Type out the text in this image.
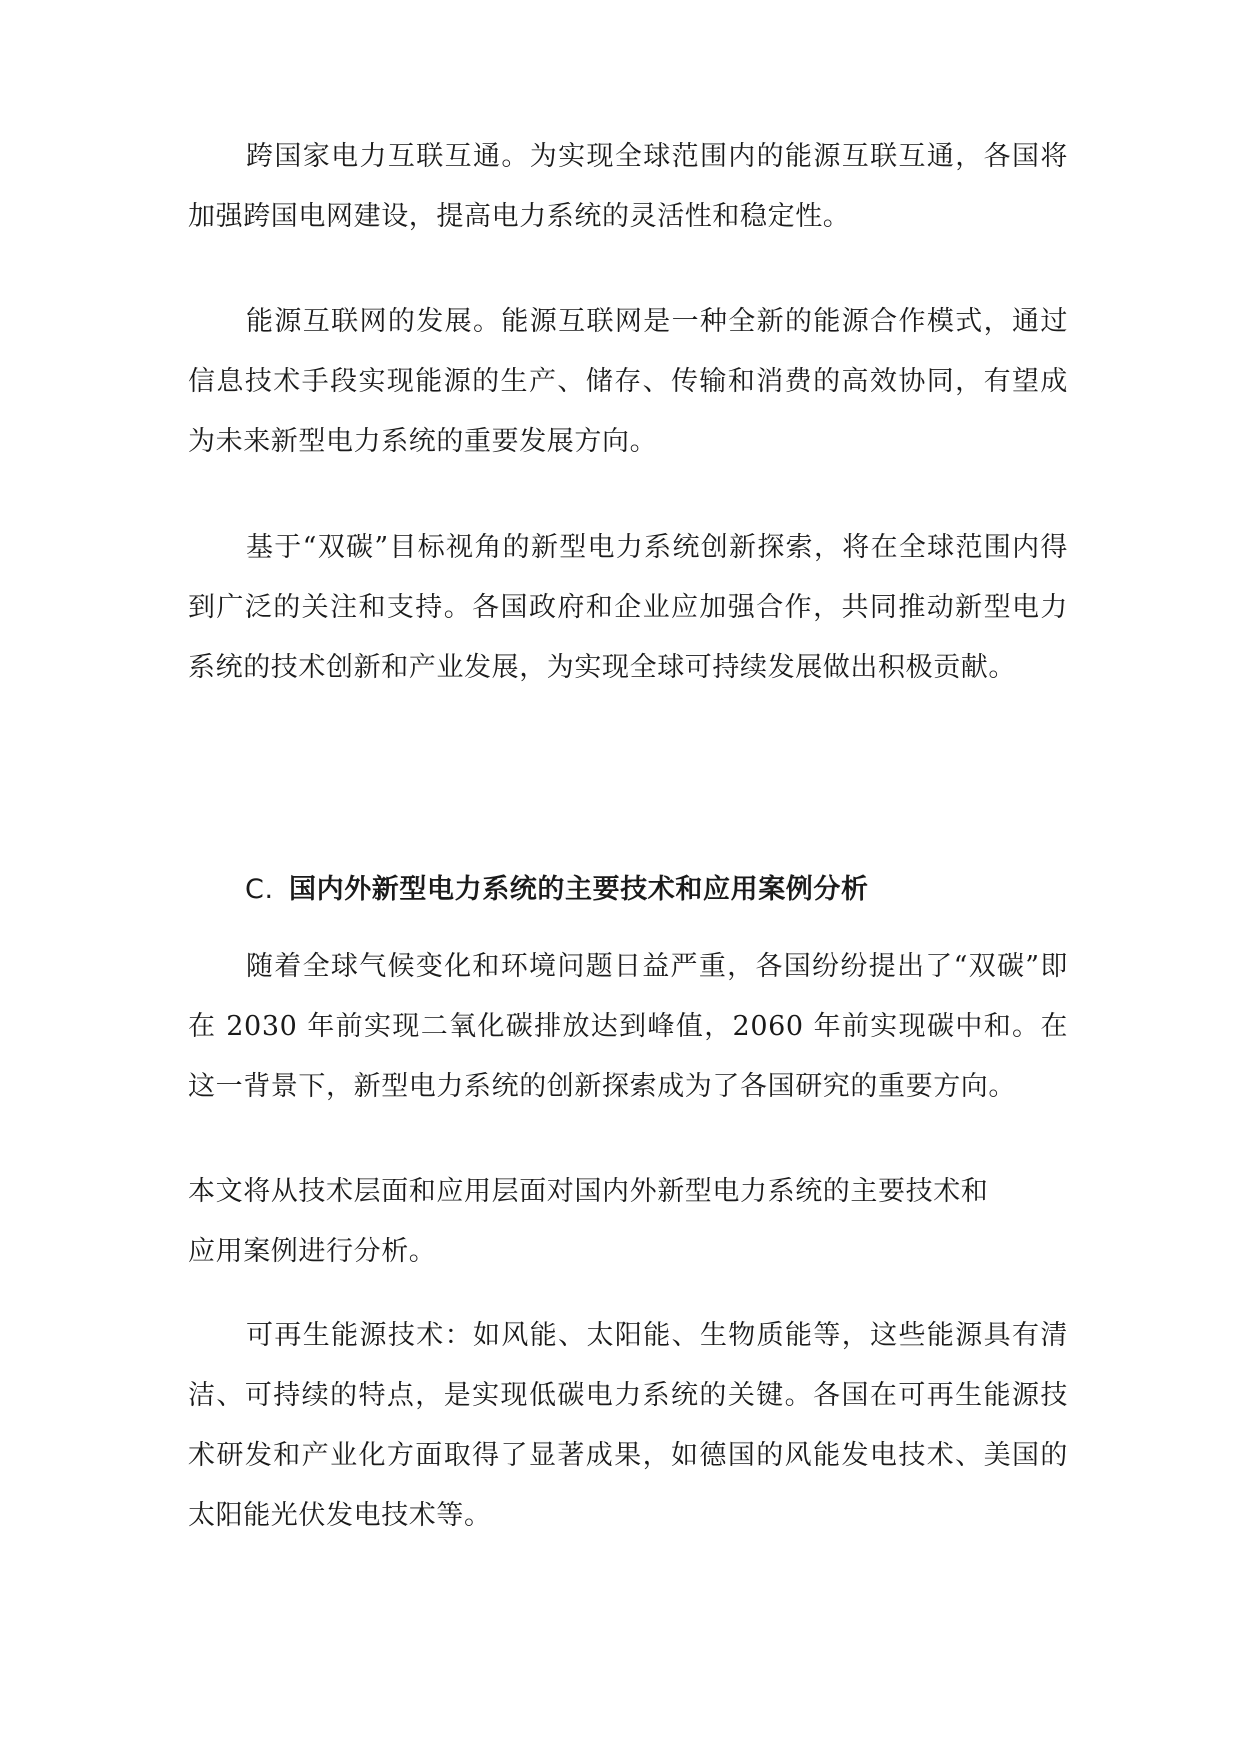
跨国家电力互联互通。为实现全球范围内的能源互联互通，各国将加强跨国电网建设，提高电力系统的灵活性和稳定性。

能源互联网的发展。能源互联网是一种全新的能源合作模式，通过信息技术手段实现能源的生产、储存、传输和消费的高效协同，有望成为未来新型电力系统的重要发展方向。

基于“双碳”目标视角的新型电力系统创新探索，将在全球范围内得到广泛的关注和支持。各国政府和企业应加强合作，共同推动新型电力系统的技术创新和产业发展，为实现全球可持续发展做出积极贡献。

C. 国内外新型电力系统的主要技术和应用案例分析

随着全球气候变化和环境问题日益严重，各国纷纷提出了“双碳”即在 2030 年前实现二氧化碳排放达到峰值，2060 年前实现碳中和。在这一背景下，新型电力系统的创新探索成为了各国研究的重要方向。

本文将从技术层面和应用层面对国内外新型电力系统的主要技术和
应用案例进行分析。

可再生能源技术：如风能、太阳能、生物质能等，这些能源具有清洁、可持续的特点，是实现低碳电力系统的关键。各国在可再生能源技术研发和产业化方面取得了显著成果，如德国的风能发电技术、美国的太阳能光伏发电技术等。
